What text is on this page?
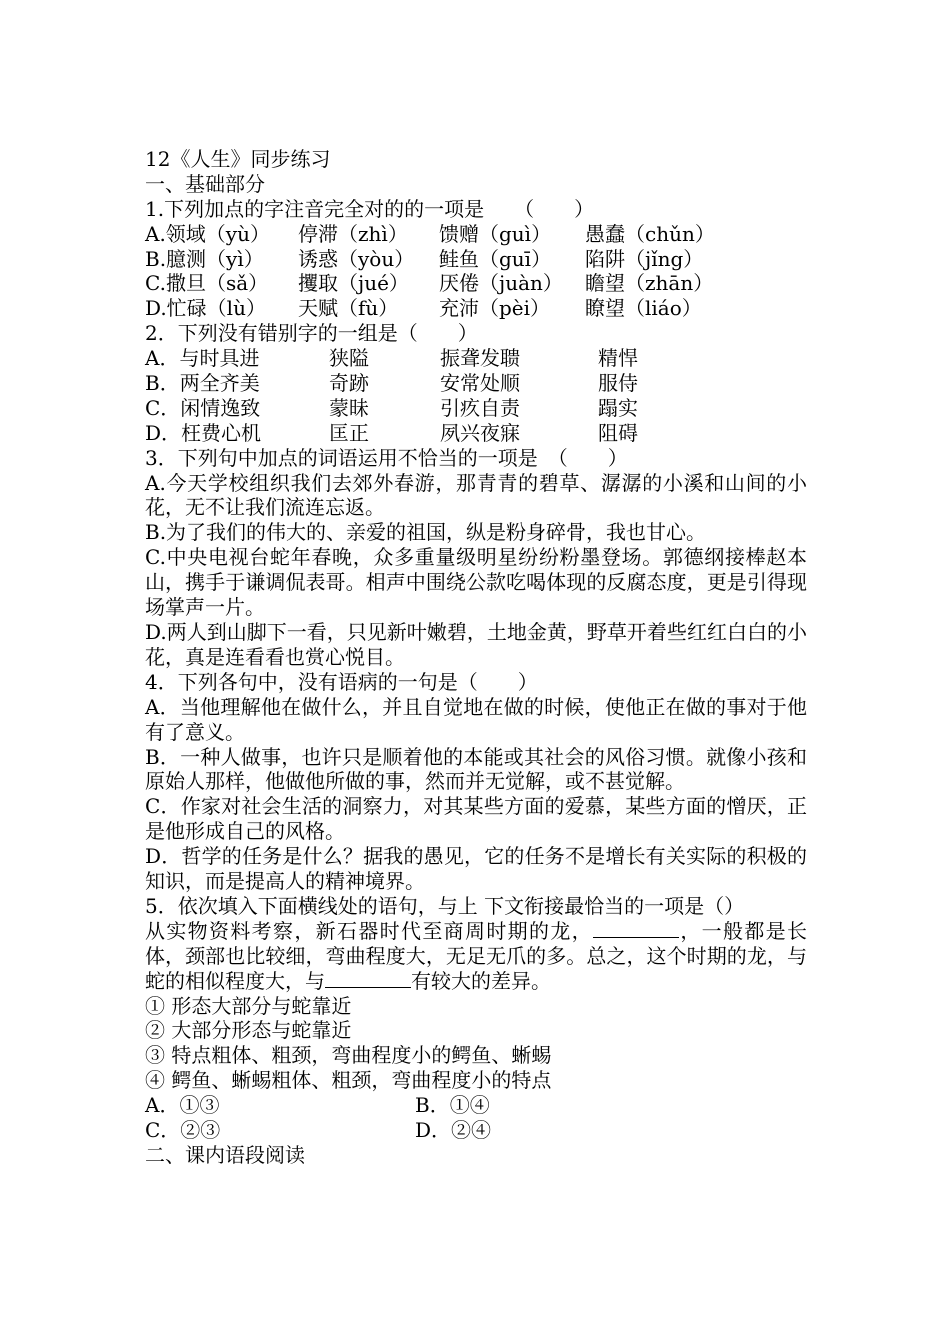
12《人生》同步练习
一、基础部分
1.下列加点的字注音完全对的的一项是　　（　　）
A.领域（yù）	停滞（zhì）	馈赠（guì）	愚蠢（chǔn）
B.臆测（yì）	诱惑（yòu）	鲑鱼（guī）	陷阱（jǐng）
C.撒旦（sǎ）	攫取（jué）	厌倦（juàn）	瞻望（zhān）
D.忙碌（lù）	天赋（fù）	充沛（pèi）	瞭望（liáo）
2．下列没有错别字的一组是（　　）
A．与时具进	狭隘	振聋发聩	精悍
B．两全齐美	奇跡	安常处顺	服侍
C．闲情逸致	蒙昧	引疚自责	蹋实
D．枉费心机	匡正	夙兴夜寐	阻碍
3．下列句中加点的词语运用不恰当的一项是　（　　）
A.今天学校组织我们去郊外春游，那青青的碧草、潺潺的小溪和山间的小花，无不让我们流连忘返。
B.为了我们的伟大的、亲爱的祖国，纵是粉身碎骨，我也甘心。
C.中央电视台蛇年春晚，众多重量级明星纷纷粉墨登场。郭德纲接棒赵本山，携手于谦调侃表哥。相声中围绕公款吃喝体现的反腐态度，更是引得现场掌声一片。
D.两人到山脚下一看，只见新叶嫩碧，土地金黄，野草开着些红红白白的小花，真是连看看也赏心悦目。
4．下列各句中，没有语病的一句是（　　）
A．当他理解他在做什么，并且自觉地在做的时候，使他正在做的事对于他有了意义。
B．一种人做事，也许只是顺着他的本能或其社会的风俗习惯。就像小孩和原始人那样，他做他所做的事，然而并无觉解，或不甚觉解。
C．作家对社会生活的洞察力，对其某些方面的爱慕，某些方面的憎厌，正是他形成自己的风格。
D．哲学的任务是什么？据我的愚见，它的任务不是增长有关实际的积极的知识，而是提高人的精神境界。
5．依次填入下面横线处的语句，与上 下文衔接最恰当的一项是（）
从实物资料考察，新石器时代至商周时期的龙，	，一般都是长体，颈部也比较细，弯曲程度大，无足无爪的多。总之，这个时期的龙，与蛇的相似程度大，与	有较大的差异。
① 形态大部分与蛇靠近
② 大部分形态与蛇靠近
③ 特点粗体、粗颈，弯曲程度小的鳄鱼、蜥蜴
④ 鳄鱼、蜥蜴粗体、粗颈，弯曲程度小的特点
A．①③	B．①④
C．②③	D．②④
二、课内语段阅读
